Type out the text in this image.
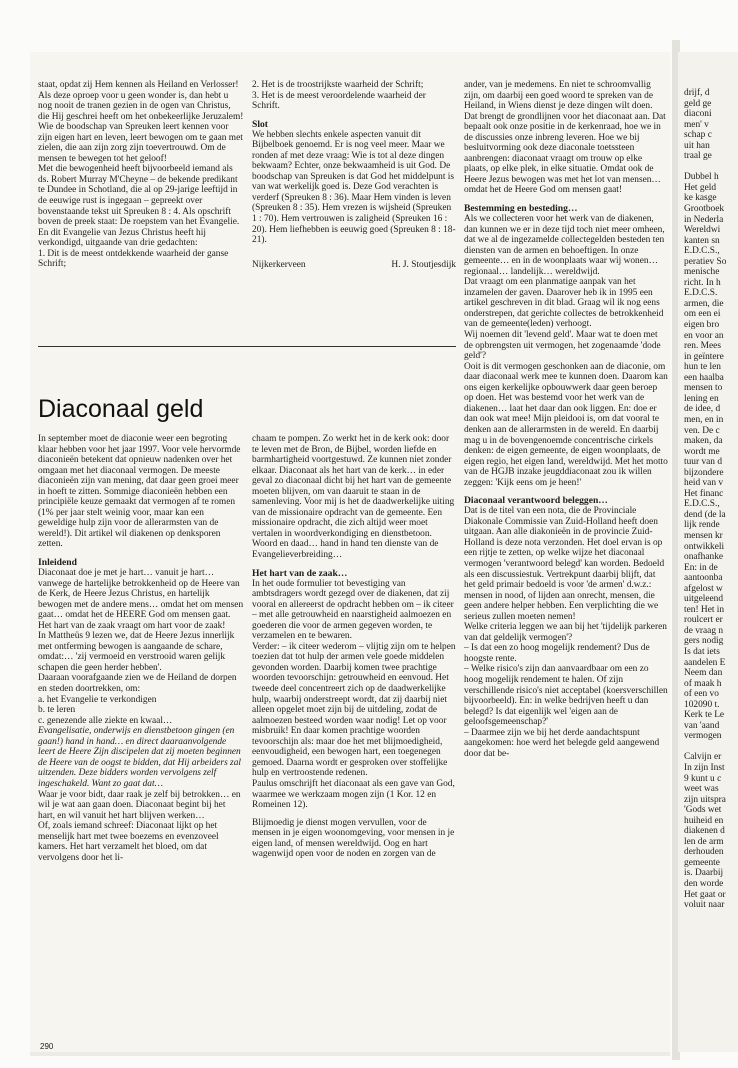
staat, opdat zij Hem kennen als Heiland en Verlosser! Als deze oproep voor u geen wonder is, dan hebt u nog nooit de tranen gezien in de ogen van Christus, die Hij geschrei heeft om het onbekeerlijke Jeruzalem! Wie de boodschap van Spreuken leert kennen voor zijn eigen hart en leven, leert bewogen om te gaan met zielen, die aan zijn zorg zijn toevertrouwd. Om de mensen te bewegen tot het geloof!

Met die bewogenheid heeft bijvoorbeeld iemand als ds. Robert Murray M'Cheyne – de bekende predikant te Dundee in Schotland, die al op 29-jarige leeftijd in de eeuwige rust is ingegaan – gepreekt over bovenstaande tekst uit Spreuken 8 : 4. Als opschrift boven de preek staat: De roepstem van het Evangelie. En dit Evangelie van Jezus Christus heeft hij verkondigd, uitgaande van drie gedachten:

1. Dit is de meest ontdekkende waarheid der ganse Schrift;

2. Het is de troostrijkste waarheid der Schrift;
3. Het is de meest veroordelende waarheid der Schrift.
Slot

We hebben slechts enkele aspecten vanuit dit Bijbelboek genoemd. Er is nog veel meer. Maar we ronden af met deze vraag: Wie is tot al deze dingen bekwaam? Echter, onze bekwaamheid is uit God. De boodschap van Spreuken is dat God het middelpunt is van wat werkelijk goed is. Deze God verachten is verderf (Spreuken 8 : 36). Maar Hem vinden is leven (Spreuken 8 : 35). Hem vrezen is wijsheid (Spreuken 1 : 70). Hem vertrouwen is zaligheid (Spreuken 16 : 20). Hem liefhebben is eeuwig goed (Spreuken 8 : 18-21).

Nijkerkerveen	H. J. Stoutjesdijk

ander, van je medemens. En niet te schroomvallig zijn, om daarbij een goed woord te spreken van de Heiland, in Wiens dienst je deze dingen wilt doen. Dat brengt de grondlijnen voor het diaconaat aan. Dat bepaalt ook onze positie in de kerkenraad, hoe we in de discussies onze inbreng leveren. Hoe we bij besluitvorming ook deze diaconale toetssteen aanbrengen: diaconaat vraagt om trouw op elke plaats, op elke plek, in elke situatie. Omdat ook de Heere Jezus bewogen was met het lot van mensen… omdat het de Heere God om mensen gaat!

Bestemming en besteding…

Als we collecteren voor het werk van de diakenen, dan kunnen we er in deze tijd toch niet meer omheen, dat we al de ingezamelde collectegelden besteden ten diensten van de armen en behoeftigen. In onze gemeente… en in de woonplaats waar wij wonen… regionaal… landelijk… wereldwijd.

Dat vraagt om een planmatige aanpak van het inzamelen der gaven. Daarover heb ik in 1995 een artikel geschreven in dit blad. Graag wil ik nog eens onderstrepen, dat gerichte collectes de betrokkenheid van de gemeente(leden) verhoogt.

Wij noemen dit 'levend geld'. Maar wat te doen met de opbrengsten uit vermogen, het zogenaamde 'dode geld'?

Ooit is dit vermogen geschonken aan de diaconie, om daar diaconaal werk mee te kunnen doen. Daarom kan ons eigen kerkelijke opbouwwerk daar geen beroep op doen. Het was bestemd voor het werk van de diakenen… laat het daar dan ook liggen. En: doe er dan ook wat mee! Mijn pleidooi is, om dat vooral te denken aan de allerarmsten in de wereld. En daarbij mag u in de bovengenoemde concentrische cirkels denken: de eigen gemeente, de eigen woonplaats, de eigen regio, het eigen land, wereldwijd. Met het motto van de HGJB inzake jeugddiaconaat zou ik willen zeggen: 'Kijk eens om je heen!'

Diaconaal verantwoord beleggen…

Dat is de titel van een nota, die de Provinciale Diakonale Commissie van Zuid-Holland heeft doen uitgaan. Aan alle diakonieën in de provincie Zuid-Holland is deze nota verzonden. Het doel ervan is op een rijtje te zetten, op welke wijze het diaconaal vermogen 'verantwoord belegd' kan worden. Bedoeld als een discussiestuk. Vertrekpunt daarbij blijft, dat het geld primair bedoeld is voor 'de armen' d.w.z.: mensen in nood, of lijden aan onrecht, mensen, die geen andere helper hebben. Een verplichting die we serieus zullen moeten nemen!

Welke criteria leggen we aan bij het 'tijdelijk parkeren van dat geldelijk vermogen'?

– Is dat een zo hoog mogelijk rendement? Dus de hoogste rente.
– Welke risico's zijn dan aanvaardbaar om een zo hoog mogelijk rendement te halen. Of zijn verschillende risico's niet acceptabel (koersverschillen bijvoorbeeld). En: in welke bedrijven heeft u dan belegd? Is dat eigenlijk wel 'eigen aan de geloofsgemeenschap?'
– Daarmee zijn we bij het derde aandachtspunt aangekomen: hoe werd het belegde geld aangewend door dat be-
Diaconaal geld

In september moet de diaconie weer een begroting klaar hebben voor het jaar 1997. Voor vele hervormde diaconieën betekent dat opnieuw nadenken over het omgaan met het diaconaal vermogen. De meeste diaconieën zijn van mening, dat daar geen groei meer in hoeft te zitten. Sommige diaconieën hebben een principiële keuze gemaakt dat vermogen af te romen (1% per jaar stelt weinig voor, maar kan een geweldige hulp zijn voor de allerarmsten van de wereld!). Dit artikel wil diakenen op denksporen zetten.

Inleidend

Diaconaat doe je met je hart… vanuit je hart… vanwege de hartelijke betrokkenheid op de Heere van de Kerk, de Heere Jezus Christus, en hartelijk bewogen met de andere mens… omdat het om mensen gaat… omdat het de HEERE God om mensen gaat. Het hart van de zaak vraagt om hart voor de zaak!

In Mattheüs 9 lezen we, dat de Heere Jezus innerlijk met ontferming bewogen is aangaande de schare, omdat:… 'zij vermoeid en verstrooid waren gelijk schapen die geen herder hebben'.

Daaraan voorafgaande zien we de Heiland de dorpen en steden doortrekken, om:

a. het Evangelie te verkondigen
b. te leren
c. genezende alle ziekte en kwaal…

Evangelisatie, onderwijs en dienstbetoon gingen (en gaan!) hand in hand… en direct daaraanvolgende leert de Heere Zijn discipelen dat zij moeten beginnen de Heere van de oogst te bidden, dat Hij arbeiders zal uitzenden. Deze bidders worden vervolgens zelf ingeschakeld. Want zo gaat dat…

Waar je voor bidt, daar raak je zelf bij betrokken… en wil je wat aan gaan doen. Diaconaat begint bij het hart, en wil vanuit het hart blijven werken…

Of, zoals iemand schreef: Diaconaat lijkt op het menselijk hart met twee boezems en evenzoveel kamers. Het hart verzamelt het bloed, om dat vervolgens door het li-

chaam te pompen. Zo werkt het in de kerk ook: door te leven met de Bron, de Bijbel, worden liefde en barmhartigheid voortgestuwd. Ze kunnen niet zonder elkaar. Diaconaat als het hart van de kerk… in eder geval zo diaconaal dicht bij het hart van de gemeente moeten blijven, om van daaruit te staan in de samenleving. Voor mij is het de daadwerkelijke uiting van de missionaire opdracht van de gemeente. Een missionaire opdracht, die zich altijd weer moet vertalen in woordverkondiging en dienstbetoon. Woord en daad… hand in hand ten dienste van de Evangelieverbreiding…

Het hart van de zaak…

In het oude formulier tot bevestiging van ambtsdragers wordt gezegd over de diakenen, dat zij vooral en allereerst de opdracht hebben om – ik citeer – met alle getrouwheid en naarstigheid aalmoezen en goederen die voor de armen gegeven worden, te verzamelen en te bewaren.

Verder: – ik citeer wederom – vlijtig zijn om te helpen toezien dat tot hulp der armen vele goede middelen gevonden worden. Daarbij komen twee prachtige woorden tevoorschijn: getrouwheid en eenvoud. Het tweede deel concentreert zich op de daadwerkelijke hulp, waarbij onderstreept wordt, dat zij daarbij niet alleen opgelet moet zijn bij de uitdeling, zodat de aalmoezen besteed worden waar nodig! Let op voor misbruik! En daar komen prachtige woorden tevoorschijn als: maar doe het met blijmoedigheid, eenvoudigheid, een bewogen hart, een toegenegen gemoed. Daarna wordt er gesproken over stoffelijke hulp en vertroostende redenen.

Paulus omschrijft het diaconaat als een gave van God, waarmee we werkzaam mogen zijn (1 Kor. 12 en Romeinen 12).

Blijmoedig je dienst mogen vervullen, voor de mensen in je eigen woonomgeving, voor mensen in je eigen land, of mensen wereldwijd. Oog en hart wagenwijd open voor de noden en zorgen van de

drijf, d
geld ge
diaconi
men' v
schap c
uit han
traal ge
Dubbel h
Het geld
ke kasge
Grootboek
in Nederla
Wereldwi
kanten sn
E.D.C.S.,
peratiev So
menische
richt. In h
E.D.C.S.
armen, die
om een ei
eigen bro
en voor an
ren. Mees
in geïntere
hun te len
een haalba
mensen to
lening en
de idee, d
men, en in
ven. De c
maken, da
wordt me
tuur van d
bijzondere
heid van v
Het financ
E.D.C.S.,
dend (de la
lijk rende
mensen kr
ontwikkeli
onafhanke
En: in de
aantoonba
afgelost w
uitgeleend
ten! Het in
roulcert er
de vraag n
gers nodig
Is dat iets
aandelen E
Neem dan
of maak h
of een vo
102090 t.
Kerk te Le
van 'aand
vermogen
Calvijn er
In zijn Inst
9 kunt u c
weet was
zijn uitspra
'Gods wet
huiheid en
diakenen d
len de arm
derhouden
gemeente
is. Daarbij
den worde
Het gaat or
voluit naar
290
